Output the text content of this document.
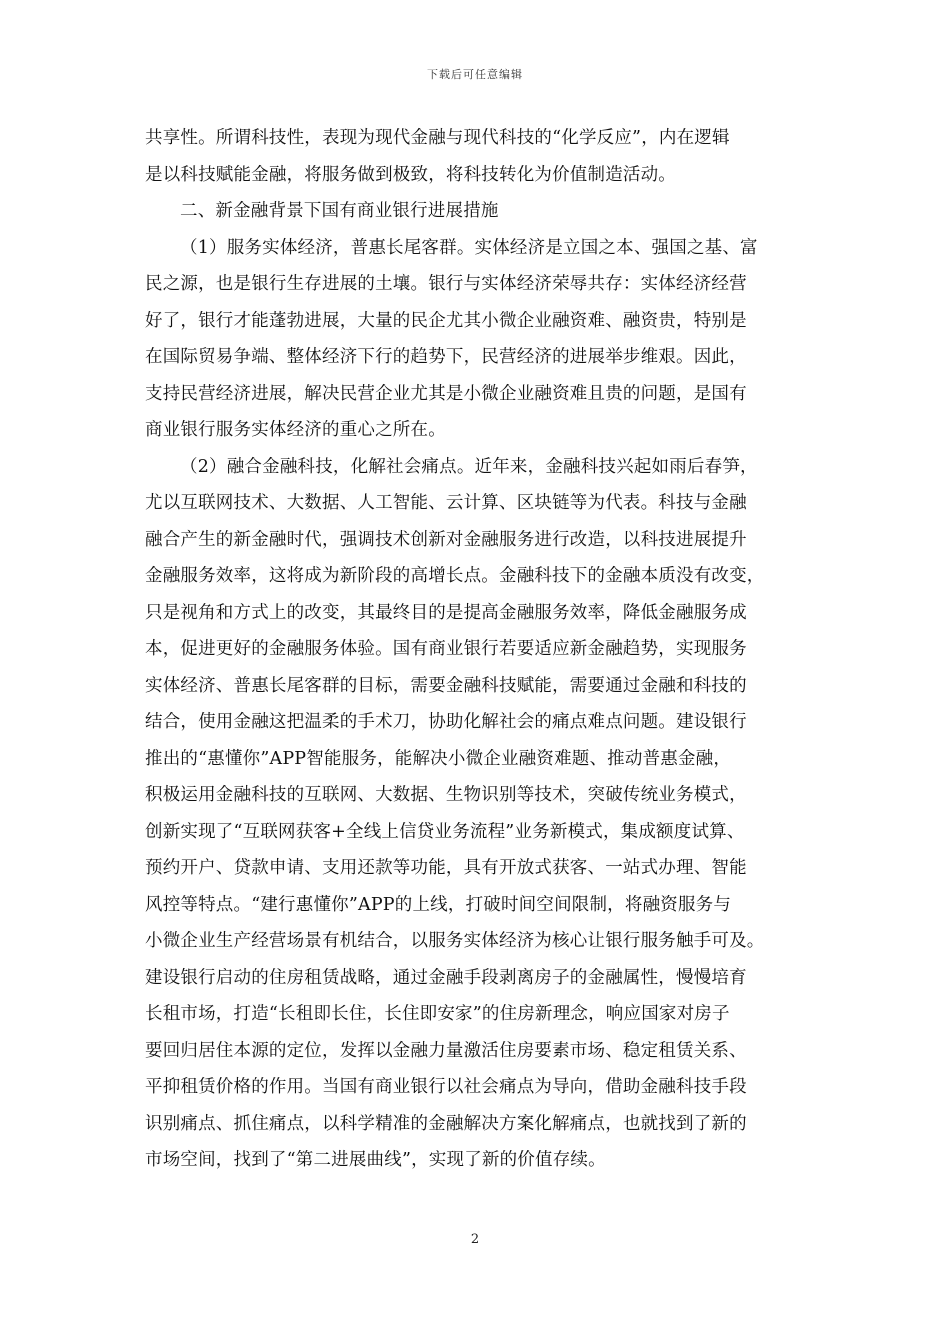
下载后可任意编辑
共享性。所谓科技性，表现为现代金融与现代科技的“化学反应”，内在逻辑
是以科技赋能金融，将服务做到极致，将科技转化为价值制造活动。
二、新金融背景下国有商业银行进展措施
（1）服务实体经济，普惠长尾客群。实体经济是立国之本、强国之基、富
民之源，也是银行生存进展的土壤。银行与实体经济荣辱共存：实体经济经营
好了，银行才能蓬勃进展，大量的民企尤其小微企业融资难、融资贵，特别是
在国际贸易争端、整体经济下行的趋势下，民营经济的进展举步维艰。因此，
支持民营经济进展，解决民营企业尤其是小微企业融资难且贵的问题，是国有
商业银行服务实体经济的重心之所在。
（2）融合金融科技，化解社会痛点。近年来，金融科技兴起如雨后春笋，
尤以互联网技术、大数据、人工智能、云计算、区块链等为代表。科技与金融
融合产生的新金融时代，强调技术创新对金融服务进行改造，以科技进展提升
金融服务效率，这将成为新阶段的高增长点。金融科技下的金融本质没有改变，
只是视角和方式上的改变，其最终目的是提高金融服务效率，降低金融服务成
本，促进更好的金融服务体验。国有商业银行若要适应新金融趋势，实现服务
实体经济、普惠长尾客群的目标，需要金融科技赋能，需要通过金融和科技的
结合，使用金融这把温柔的手术刀，协助化解社会的痛点难点问题。建设银行
推出的“惠懂你”APP智能服务，能解决小微企业融资难题、推动普惠金融，
积极运用金融科技的互联网、大数据、生物识别等技术，突破传统业务模式，
创新实现了“互联网获客+全线上信贷业务流程”业务新模式，集成额度试算、
预约开户、贷款申请、支用还款等功能，具有开放式获客、一站式办理、智能
风控等特点。“建行惠懂你”APP的上线，打破时间空间限制，将融资服务与
小微企业生产经营场景有机结合，以服务实体经济为核心让银行服务触手可及。
建设银行启动的住房租赁战略，通过金融手段剥离房子的金融属性，慢慢培育
长租市场，打造“长租即长住，长住即安家”的住房新理念，响应国家对房子
要回归居住本源的定位，发挥以金融力量激活住房要素市场、稳定租赁关系、
平抑租赁价格的作用。当国有商业银行以社会痛点为导向，借助金融科技手段
识别痛点、抓住痛点，以科学精准的金融解决方案化解痛点，也就找到了新的
市场空间，找到了“第二进展曲线”，实现了新的价值存续。
2
